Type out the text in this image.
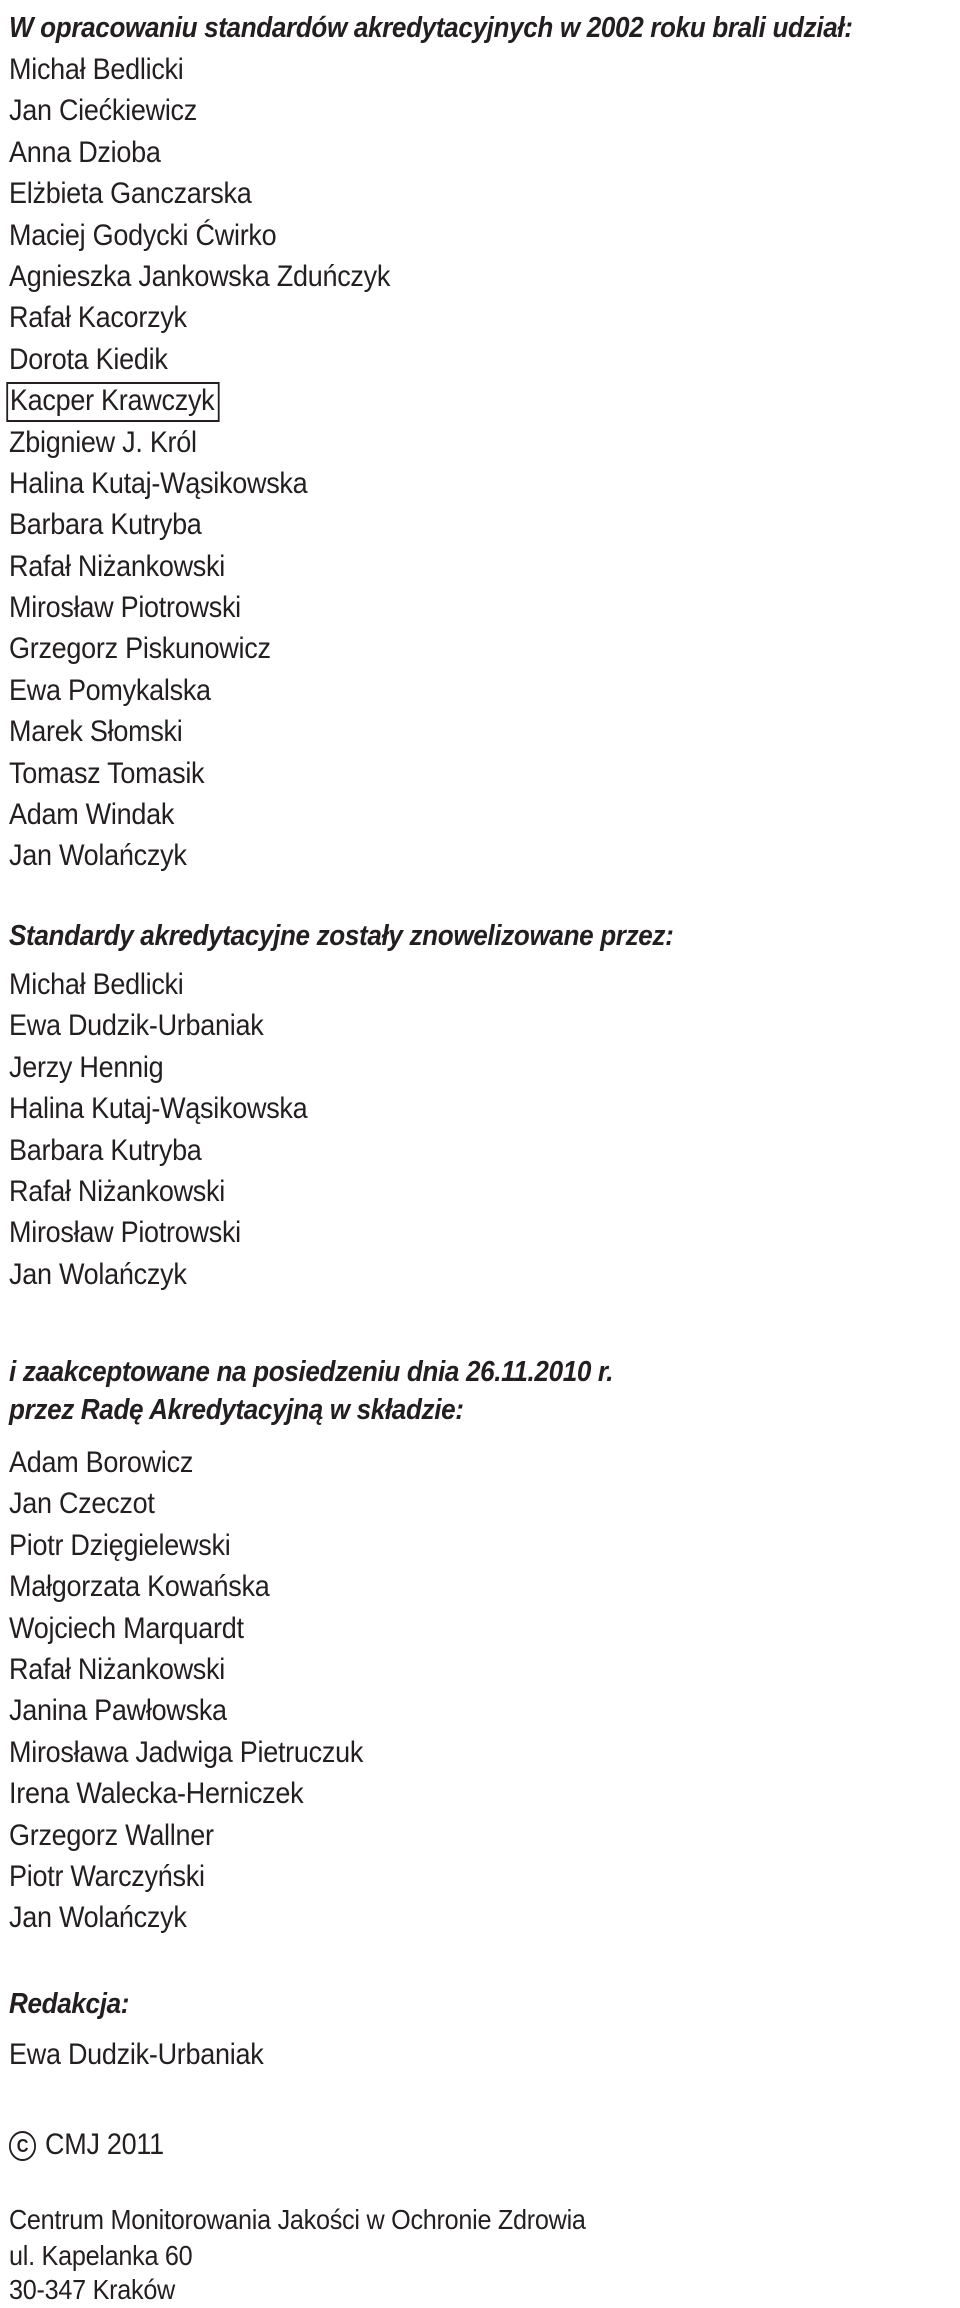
W opracowaniu standardów akredytacyjnych w 2002 roku brali udział:
Michał Bedlicki
Jan Ciećkiewicz
Anna Dzioba
Elżbieta Ganczarska
Maciej Godycki Ćwirko
Agnieszka Jankowska Zduńczyk
Rafał Kacorzyk
Dorota Kiedik
Kacper Krawczyk
Zbigniew J. Król
Halina Kutaj-Wąsikowska
Barbara Kutryba
Rafał Niżankowski
Mirosław Piotrowski
Grzegorz Piskunowicz
Ewa Pomykalska
Marek Słomski
Tomasz Tomasik
Adam Windak
Jan Wolańczyk
Standardy akredytacyjne zostały znowelizowane przez:
Michał Bedlicki
Ewa Dudzik-Urbaniak
Jerzy Hennig
Halina Kutaj-Wąsikowska
Barbara Kutryba
Rafał Niżankowski
Mirosław Piotrowski
Jan Wolańczyk
i zaakceptowane na posiedzeniu dnia 26.11.2010 r.
przez Radę Akredytacyjną w składzie:
Adam Borowicz
Jan Czeczot
Piotr Dzięgielewski
Małgorzata Kowańska
Wojciech Marquardt
Rafał Niżankowski
Janina Pawłowska
Mirosława Jadwiga Pietruczuk
Irena Walecka-Herniczek
Grzegorz Wallner
Piotr Warczyński
Jan Wolańczyk
Redakcja:
Ewa Dudzik-Urbaniak
C CMJ 2011
Centrum Monitorowania Jakości w Ochronie Zdrowia
ul. Kapelanka 60
30-347 Kraków
